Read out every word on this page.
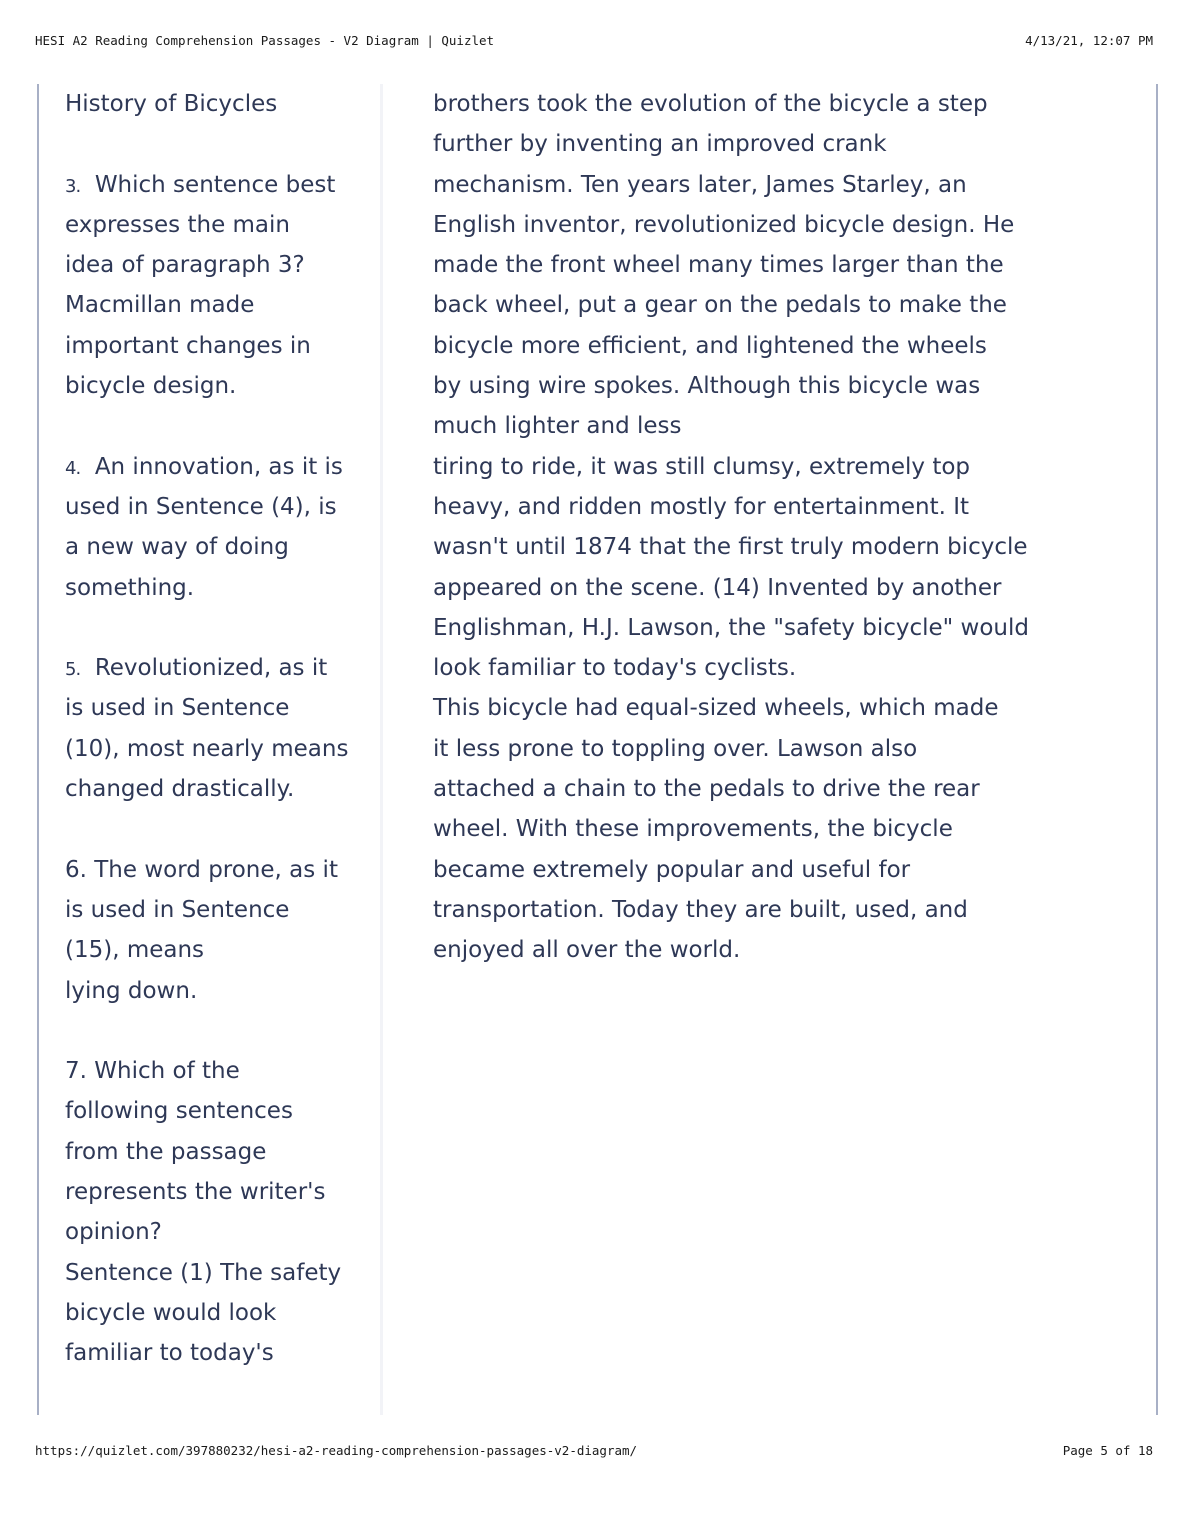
HESI A2 Reading Comprehension Passages - V2 Diagram | Quizlet	4/13/21, 12:07 PM
History of Bicycles
3. Which sentence best
expresses the main
idea of paragraph 3?
Macmillan made
important changes in
bicycle design.
4. An innovation, as it is
used in Sentence (4), is
a new way of doing
something.
5. Revolutionized, as it
is used in Sentence
(10), most nearly means
changed drastically.
6. The word prone, as it
is used in Sentence
(15), means
lying down.
7. Which of the
following sentences
from the passage
represents the writer's
opinion?
Sentence (1) The safety
bicycle would look
familiar to today's
brothers took the evolution of the bicycle a step
further by inventing an improved crank
mechanism. Ten years later, James Starley, an
English inventor, revolutionized bicycle design. He
made the front wheel many times larger than the
back wheel, put a gear on the pedals to make the
bicycle more efficient, and lightened the wheels
by using wire spokes. Although this bicycle was
much lighter and less
tiring to ride, it was still clumsy, extremely top
heavy, and ridden mostly for entertainment. It
wasn't until 1874 that the first truly modern bicycle
appeared on the scene. (14) Invented by another
Englishman, H.J. Lawson, the "safety bicycle" would
look familiar to today's cyclists.
This bicycle had equal-sized wheels, which made
it less prone to toppling over. Lawson also
attached a chain to the pedals to drive the rear
wheel. With these improvements, the bicycle
became extremely popular and useful for
transportation. Today they are built, used, and
enjoyed all over the world.
https://quizlet.com/397880232/hesi-a2-reading-comprehension-passages-v2-diagram/	Page 5 of 18
